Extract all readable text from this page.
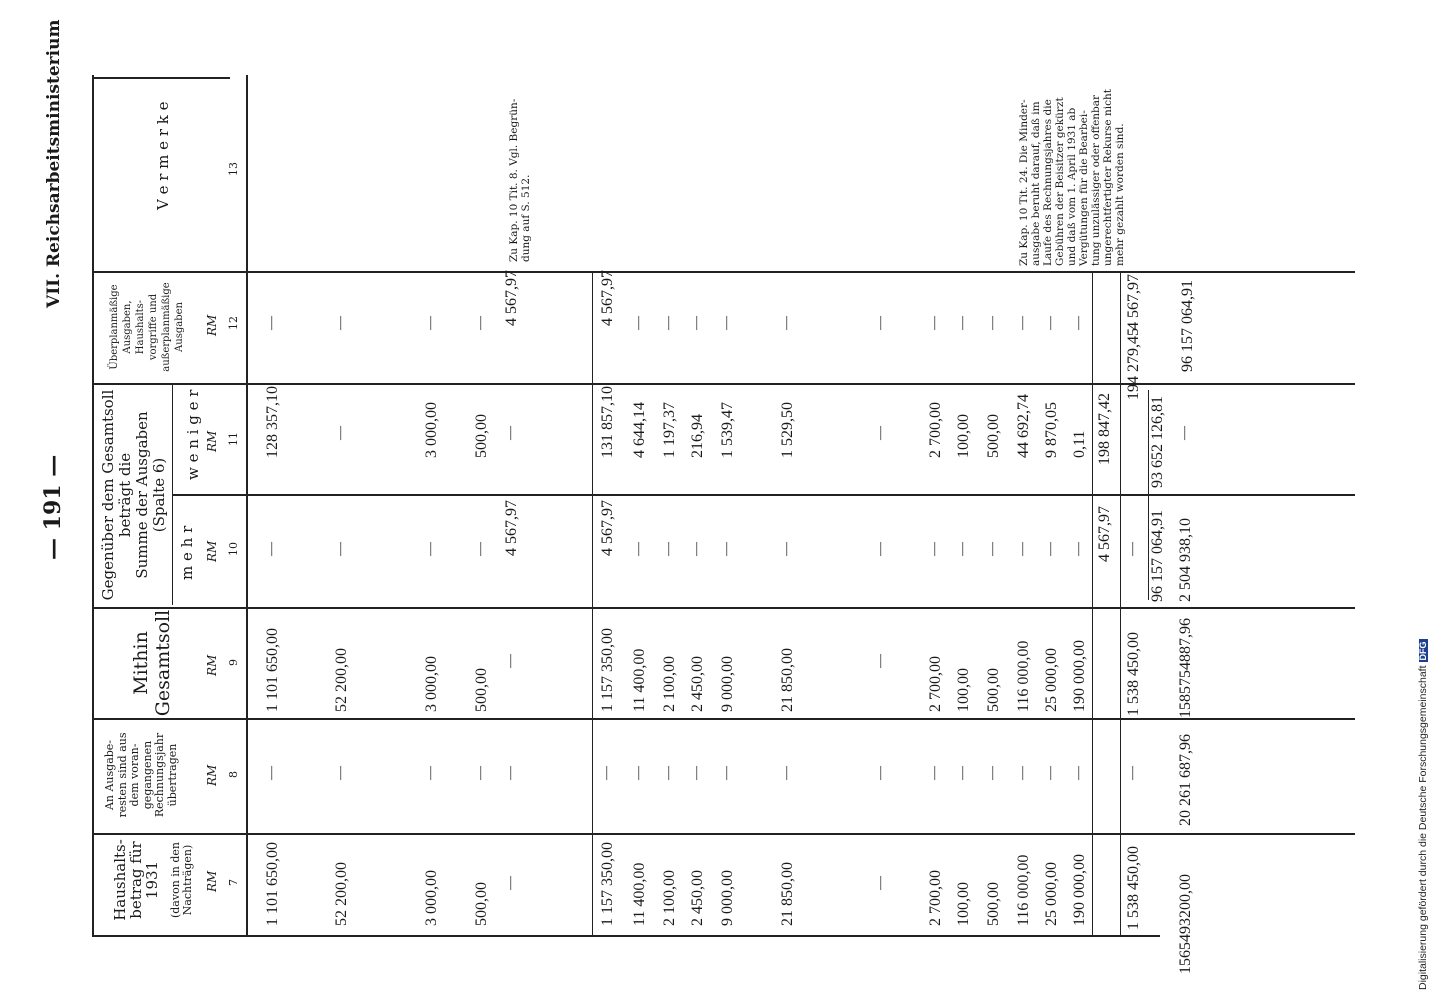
— 191 —
VII. Reichsarbeitsministerium
Digitalisierung gefördert durch die Deutsche ForschungsgemeinschaftDFG
Haushalts-
betrag für
1931
(davon in den
Nachträgen) RM 7
An Ausgabe-
resten sind aus
dem voran-
gegangenen
Rechnungsjahr
übertragen RM 8
Mithin
Gesamtsoll	RM 9
Gegenüber dem Gesamtsoll
beträgt die
Summe der Ausgaben
(Spalte 6)
m e h r RM 10
w e n i g e r RM 11
Überplanmäßige
Ausgaben,
Haushalts-
vorgriffe und
außerplanmäßige
Ausgaben RM 12
V e r m e r k e	13
1 101 650,00
—
1 101 650,00
—
128 357,10
—
52 200,00
—
52 200,00
—
—
—
3 000,00
—
3 000,00
—
3 000,00
—
500,00
—
500,00
—
500,00
—
—
—
—
4 567,97
—
4 567,97
1 157 350,00
—
1 157 350,00
4 567,97
131 857,10
4 567,97
11 400,00
—
11 400,00
—
4 644,14
—
2 100,00
—
2 100,00
—
1 197,37
—
2 450,00
—
2 450,00
—
216,94
—
9 000,00
—
9 000,00
—
1 539,47
—
21 850,00
—
21 850,00
—
1 529,50
—
—
—
—
—
—
—
2 700,00
—
2 700,00
—
2 700,00
—
100,00
—
100,00
—
100,00
—
500,00
—
500,00
—
500,00
—
116 000,00
—
116 000,00
—
44 692,74
—
25 000,00
—
25 000,00
—
9 870,05
—
190 000,00
—
190 000,00
—
0,11
—
4 567,97
198 847,42
1 538 450,00
—
1 538 450,00
—
194 279,45
4 567,97
96 157 064,91
93 652 126,81
96 157 064,91
1565493200,00
20 261 687,96
1585754887,96
2 504 938,10
—
Zu Kap. 10 Tit. 8. Vgl. Begrün-
dung auf S. 512.
Zu Kap. 10 Tit. 24. Die Minder-
ausgabe beruht darauf, daß im
Laufe des Rechnungsjahres die
Gebühren der Beisitzer gekürzt
und daß vom 1. April 1931 ab
Vergütungen für die Bearbei-
tung unzulässiger oder offenbar
ungerechtfertigter Rekurse nicht
mehr gezahlt worden sind.
